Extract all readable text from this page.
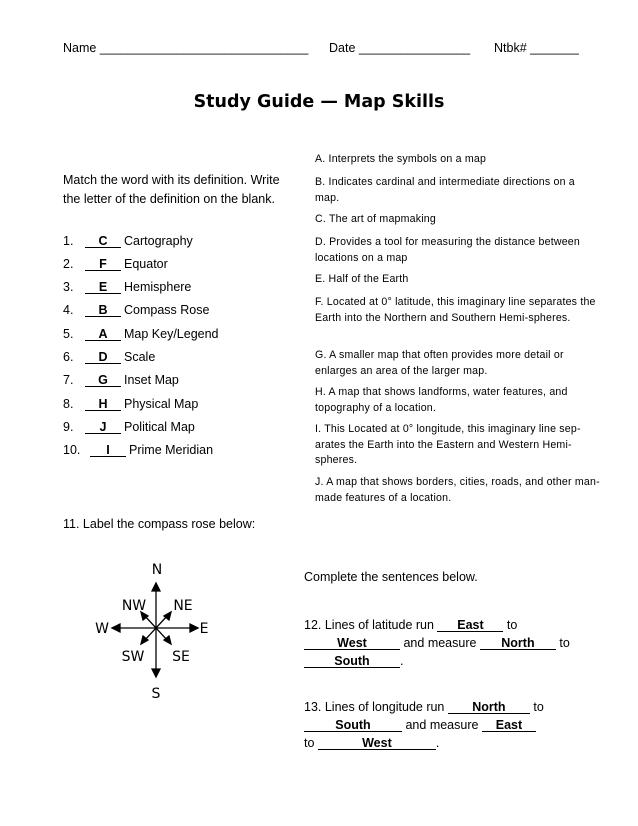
Name ______________________________ Date ________________ Ntbk# _______
Study Guide — Map Skills
Match the word with its definition. Write the letter of the definition on the blank.
1. C Cartography
2. F Equator
3. E Hemisphere
4. B Compass Rose
5. A Map Key/Legend
6. D Scale
7. G Inset Map
8. H Physical Map
9. J Political Map
10. I Prime Meridian
A. Interprets the symbols on a map
B. Indicates cardinal and intermediate directions on a map.
C. The art of mapmaking
D. Provides a tool for measuring the distance between locations on a map
E. Half of the Earth
F. Located at 0° latitude, this imaginary line separates the Earth into the Northern and Southern Hemi-spheres.
G. A smaller map that often provides more detail or enlarges an area of the larger map.
H. A map that shows landforms, water features, and topography of a location.
I. This Located at 0° longitude, this imaginary line sep-arates the Earth into the Eastern and Western Hemi-spheres.
J. A map that shows borders, cities, roads, and other man-made features of a location.
11. Label the compass rose below:
N
S
E
W
NW NE
SW SE
Complete the sentences below.
12. Lines of latitude run East to
West	and measure North to
South .
13. Lines of longitude run North to
South	and measure East
to	West	.
